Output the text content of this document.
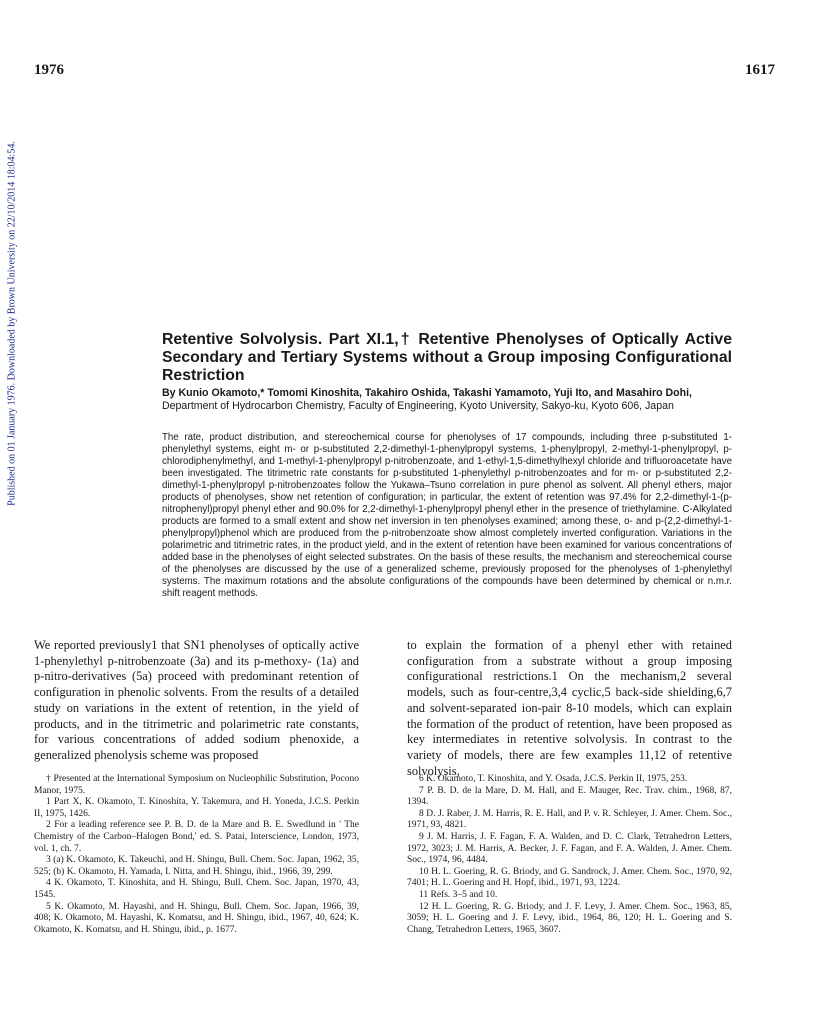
1976	1617
Published on 01 January 1976. Downloaded by Brown University on 22/10/2014 18:04:54.	Retentive Solvolysis. Part XI.1,† Retentive Phenolyses of Optically Active Secondary and Tertiary Systems without a Group imposing Configurational Restriction
By Kunio Okamoto,* Tomomi Kinoshita, Takahiro Oshida, Takashi Yamamoto, Yuji Ito, and Masahiro Dohi, Department of Hydrocarbon Chemistry, Faculty of Engineering, Kyoto University, Sakyo-ku, Kyoto 606, Japan
The rate, product distribution, and stereochemical course for phenolyses of 17 compounds, including three p-substituted 1-phenylethyl systems, eight m- or p-substituted 2,2-dimethyl-1-phenylpropyl systems, 1-phenylpropyl, 2-methyl-1-phenylpropyl, p-chlorodiphenylmethyl, and 1-methyl-1-phenylpropyl p-nitrobenzoate, and 1-ethyl-1,5-dimethylhexyl chloride and trifluoroacetate have been investigated. The titrimetric rate constants for p-substituted 1-phenylethyl p-nitrobenzoates and for m- or p-substituted 2,2-dimethyl-1-phenylpropyl p-nitrobenzoates follow the Yukawa–Tsuno correlation in pure phenol as solvent. All phenyl ethers, major products of phenolyses, show net retention of configuration; in particular, the extent of retention was 97.4% for 2,2-dimethyl-1-(p-nitrophenyl)propyl phenyl ether and 90.0% for 2,2-dimethyl-1-phenylpropyl phenyl ether in the presence of triethylamine. C-Alkylated products are formed to a small extent and show net inversion in ten phenolyses examined; among these, o- and p-(2,2-dimethyl-1-phenylpropyl)phenol which are produced from the p-nitrobenzoate show almost completely inverted configuration. Variations in the polarimetric and titrimetric rates, in the product yield, and in the extent of retention have been examined for various concentrations of added base in the phenolyses of eight selected substrates. On the basis of these results, the mechanism and stereochemical course of the phenolyses are discussed by the use of a generalized scheme, previously proposed for the phenolyses of 1-phenylethyl systems. The maximum rotations and the absolute configurations of the compounds have been determined by chemical or n.m.r. shift reagent methods.
We reported previously1 that SN1 phenolyses of optically active 1-phenylethyl p-nitrobenzoate (3a) and its p-methoxy- (1a) and p-nitro-derivatives (5a) proceed with predominant retention of configuration in phenolic solvents. From the results of a detailed study on variations in the extent of retention, in the yield of products, and in the titrimetric and polarimetric rate constants, for various concentrations of added sodium phenoxide, a generalized phenolysis scheme was proposed
to explain the formation of a phenyl ether with retained configuration from a substrate without a group imposing configurational restrictions.1 On the mechanism,2 several models, such as four-centre,3,4 cyclic,5 back-side shielding,6,7 and solvent-separated ion-pair 8-10 models, which can explain the formation of the product of retention, have been proposed as key intermediates in retentive solvolysis. In contrast to the variety of models, there are few examples 11,12 of retentive solvolysis,

† Presented at the International Symposium on Nucleophilic Substitution, Pocono Manor, 1975.

1 Part X, K. Okamoto, T. Kinoshita, Y. Takemura, and H. Yoneda, J.C.S. Perkin II, 1975, 1426.

2 For a leading reference see P. B. D. de la Mare and B. E. Swedlund in ' The Chemistry of the Carbon–Halogen Bond,' ed. S. Patai, Interscience, London, 1973, vol. 1, ch. 7.

3 (a) K. Okamoto, K. Takeuchi, and H. Shingu, Bull. Chem. Soc. Japan, 1962, 35, 525; (b) K. Okamoto, H. Yamada, I. Nitta, and H. Shingu, ibid., 1966, 39, 299.

4 K. Okamoto, T. Kinoshita, and H. Shingu, Bull. Chem. Soc. Japan, 1970, 43, 1545.

5 K. Okamoto, M. Hayashi, and H. Shingu, Bull. Chem. Soc. Japan, 1966, 39, 408; K. Okamoto, M. Hayashi, K. Komatsu, and H. Shingu, ibid., 1967, 40, 624; K. Okamoto, K. Komatsu, and H. Shingu, ibid., p. 1677.

6 K. Okamoto, T. Kinoshita, and Y. Osada, J.C.S. Perkin II, 1975, 253.

7 P. B. D. de la Mare, D. M. Hall, and E. Mauger, Rec. Trav. chim., 1968, 87, 1394.

8 D. J. Raber, J. M. Harris, R. E. Hall, and P. v. R. Schleyer, J. Amer. Chem. Soc., 1971, 93, 4821.

9 J. M. Harris, J. F. Fagan, F. A. Walden, and D. C. Clark, Tetrahedron Letters, 1972, 3023; J. M. Harris, A. Becker, J. F. Fagan, and F. A. Walden, J. Amer. Chem. Soc., 1974, 96, 4484.

10 H. L. Goering, R. G. Briody, and G. Sandrock, J. Amer. Chem. Soc., 1970, 92, 7401; H. L. Goering and H. Hopf, ibid., 1971, 93, 1224.

11 Refs. 3–5 and 10.

12 H. L. Goering, R. G. Briody, and J. F. Levy, J. Amer. Chem. Soc., 1963, 85, 3059; H. L. Goering and J. F. Levy, ibid., 1964, 86, 120; H. L. Goering and S. Chang, Tetrahedron Letters, 1965, 3607.
